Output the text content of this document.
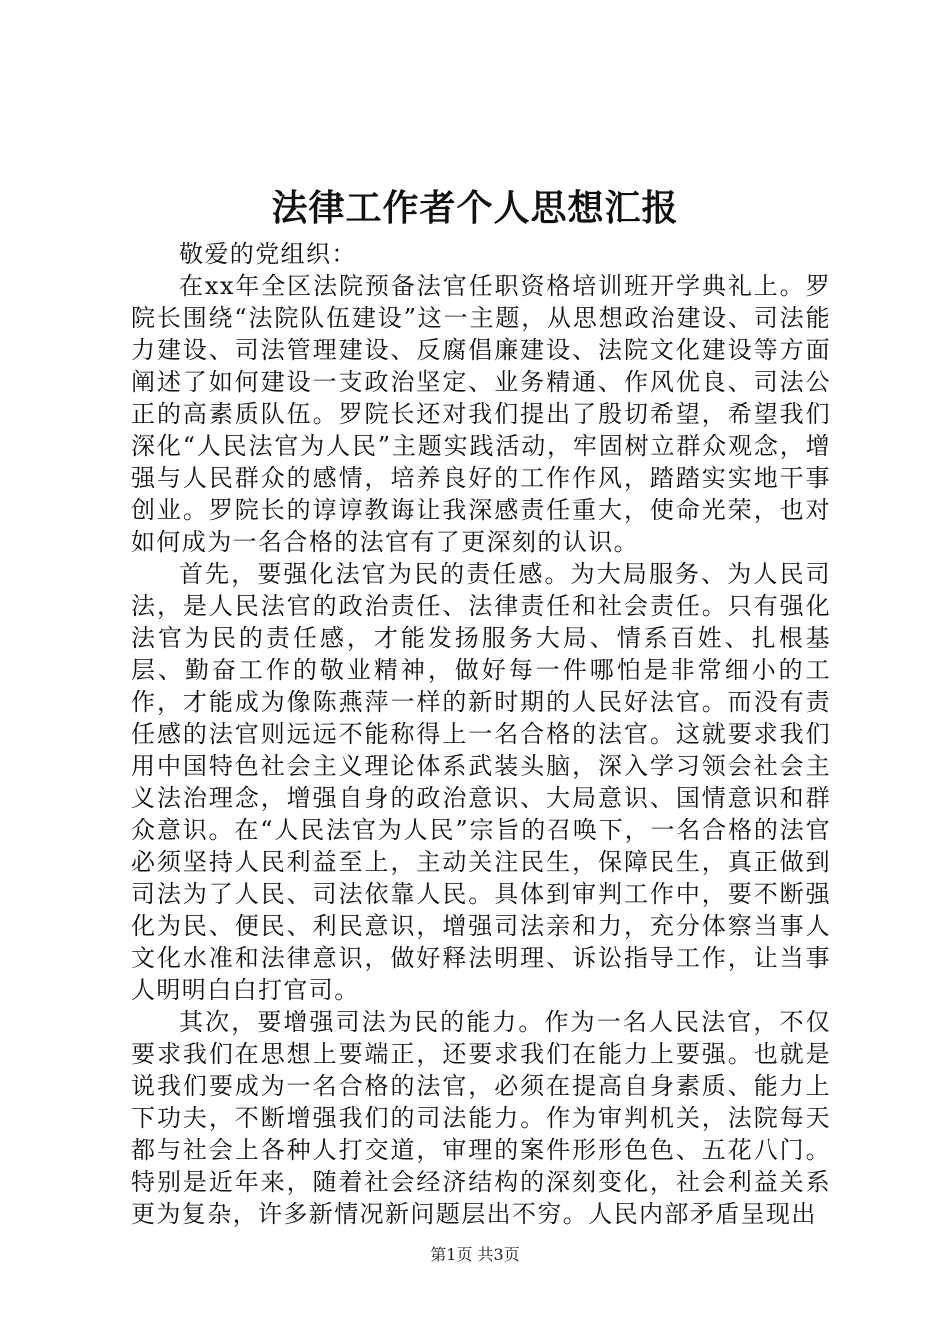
法律工作者个人思想汇报

敬爱的党组织：

在xx年全区法院预备法官任职资格培训班开学典礼上。罗院长围绕“法院队伍建设”这一主题，从思想政治建设、司法能力建设、司法管理建设、反腐倡廉建设、法院文化建设等方面阐述了如何建设一支政治坚定、业务精通、作风优良、司法公正的高素质队伍。罗院长还对我们提出了殷切希望，希望我们深化“人民法官为人民”主题实践活动，牢固树立群众观念，增强与人民群众的感情，培养良好的工作作风，踏踏实实地干事创业。罗院长的谆谆教诲让我深感责任重大，使命光荣，也对如何成为一名合格的法官有了更深刻的认识。

首先，要强化法官为民的责任感。为大局服务、为人民司法，是人民法官的政治责任、法律责任和社会责任。只有强化法官为民的责任感，才能发扬服务大局、情系百姓、扎根基层、勤奋工作的敬业精神，做好每一件哪怕是非常细小的工作，才能成为像陈燕萍一样的新时期的人民好法官。而没有责任感的法官则远远不能称得上一名合格的法官。这就要求我们用中国特色社会主义理论体系武装头脑，深入学习领会社会主义法治理念，增强自身的政治意识、大局意识、国情意识和群众意识。在“人民法官为人民”宗旨的召唤下，一名合格的法官必须坚持人民利益至上，主动关注民生，保障民生，真正做到司法为了人民、司法依靠人民。具体到审判工作中，要不断强化为民、便民、利民意识，增强司法亲和力，充分体察当事人文化水准和法律意识，做好释法明理、诉讼指导工作，让当事人明明白白打官司。

其次，要增强司法为民的能力。作为一名人民法官，不仅要求我们在思想上要端正，还要求我们在能力上要强。也就是说我们要成为一名合格的法官，必须在提高自身素质、能力上下功夫，不断增强我们的司法能力。作为审判机关，法院每天都与社会上各种人打交道，审理的案件形形色色、五花八门。特别是近年来，随着社会经济结构的深刻变化，社会利益关系更为复杂，许多新情况新问题层出不穷。人民内部矛盾呈现出

第1页 共3页
